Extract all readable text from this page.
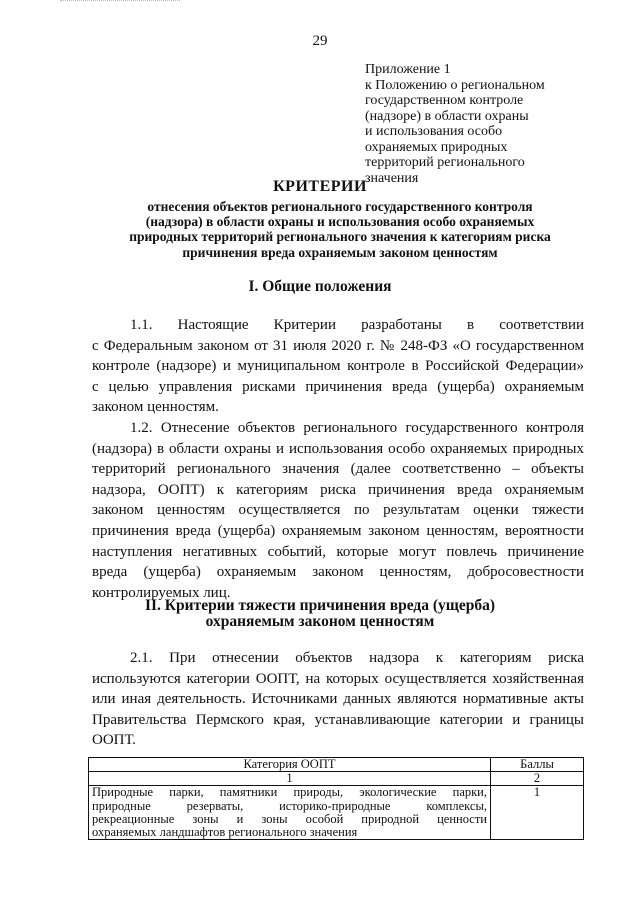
29
Приложение 1
к Положению о региональном
государственном контроле
(надзоре) в области охраны
и использования особо
охраняемых природных
территорий регионального
значения
КРИТЕРИИ
отнесения объектов регионального государственного контроля
(надзора) в области охраны и использования особо охраняемых
природных территорий регионального значения к категориям риска
причинения вреда охраняемым законом ценностям
I. Общие положения
1.1. Настоящие Критерии разработаны в соответствии
с Федеральным законом от 31 июля 2020 г. № 248-ФЗ «О государственном
контроле (надзоре) и муниципальном контроле в Российской Федерации»
с целью управления рисками причинения вреда (ущерба) охраняемым
законом ценностям.
1.2. Отнесение объектов регионального государственного контроля
(надзора) в области охраны и использования особо охраняемых природных
территорий регионального значения (далее соответственно – объекты
надзора, ООПТ) к категориям риска причинения вреда охраняемым
законом ценностям осуществляется по результатам оценки тяжести
причинения вреда (ущерба) охраняемым законом ценностям, вероятности
наступления негативных событий, которые могут повлечь причинение
вреда (ущерба) охраняемым законом ценностям, добросовестности
контролируемых лиц.
II. Критерии тяжести причинения вреда (ущерба)
охраняемым законом ценностям
2.1. При отнесении объектов надзора к категориям риска
используются категории ООПТ, на которых осуществляется хозяйственная
или иная деятельность. Источниками данных являются нормативные акты
Правительства Пермского края, устанавливающие категории и границы
ООПТ.
Категория ООПТ	Баллы
1	2

Природные парки, памятники природы, экологические парки,
природные резерваты, историко-природные комплексы,
рекреационные зоны и зоны особой природной ценности
охраняемых ландшафтов регионального значения	1
